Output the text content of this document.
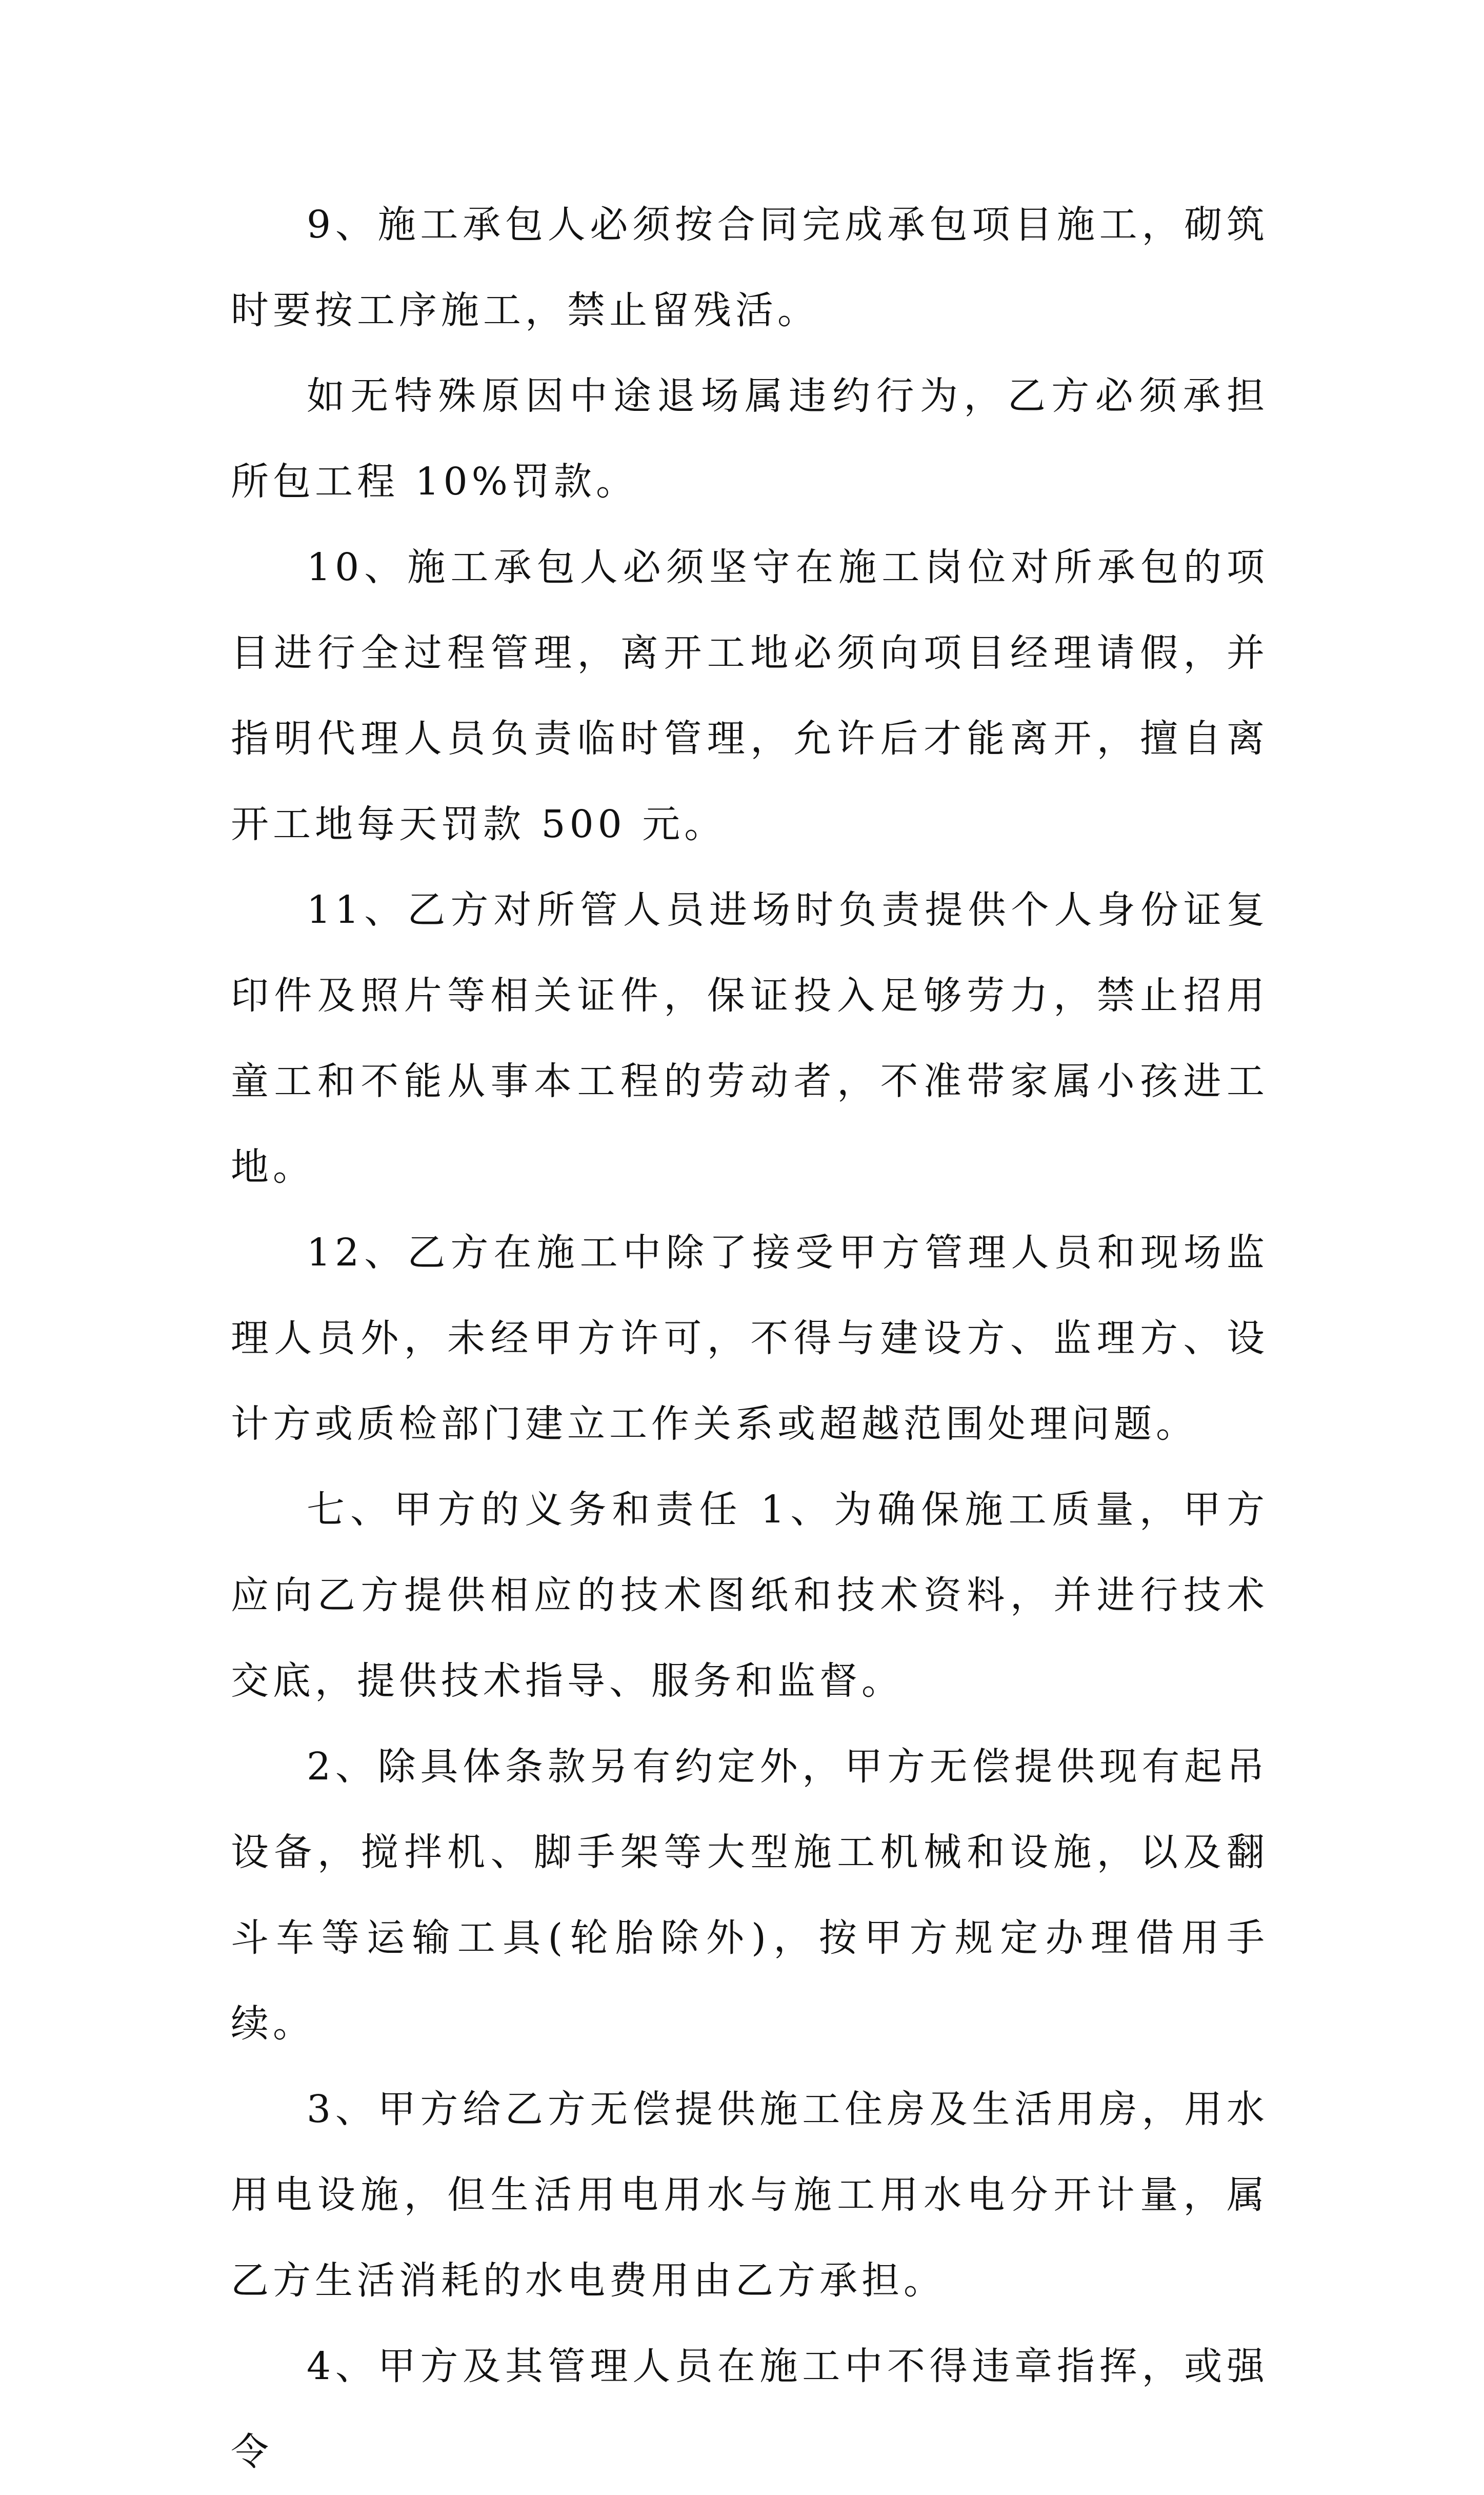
9、施工承包人必须按合同完成承包项目施工，砌筑时要按工序施工，禁止留残活。

如无特殊原因中途退场属违约行为，乙方必须承担所包工程 10%罚款。

10、施工承包人必须坚守在施工岗位对所承包的项目进行全过程管理，离开工地必须向项目经理请假，并指明代理人员负责临时管理，允许后才能离开，擅自离开工地每天罚款 500 元。

11、乙方对所管人员进场时负责提供个人身份证复印件及照片等相关证件，保证投入足够劳力，禁止招用童工和不能从事本工程的劳动者，不准带家属小孩进工地。

12、乙方在施工中除了接受甲方管理人员和现场监理人员外，未经甲方许可，不得与建设方、监理方、设计方或质检部门建立工作关系或超越范围处理问题。

七、甲方的义务和责任 1、为确保施工质量，甲方应向乙方提供相应的技术图纸和技术资料，并进行技术交底，提供技术指导、服务和监督。

2、除具体条款另有约定外，甲方无偿提供现有起吊设备，搅拌机、脚手架等大型施工机械和设施，以及翻斗车等运输工具(轮胎除外)，按甲方规定办理借用手续。

3、甲方给乙方无偿提供施工住房及生活用房，用水用电设施，但生活用电用水与施工用水电分开计量，属乙方生活消耗的水电费用由乙方承担。

4、甲方及其管理人员在施工中不得违章指挥，或强令
